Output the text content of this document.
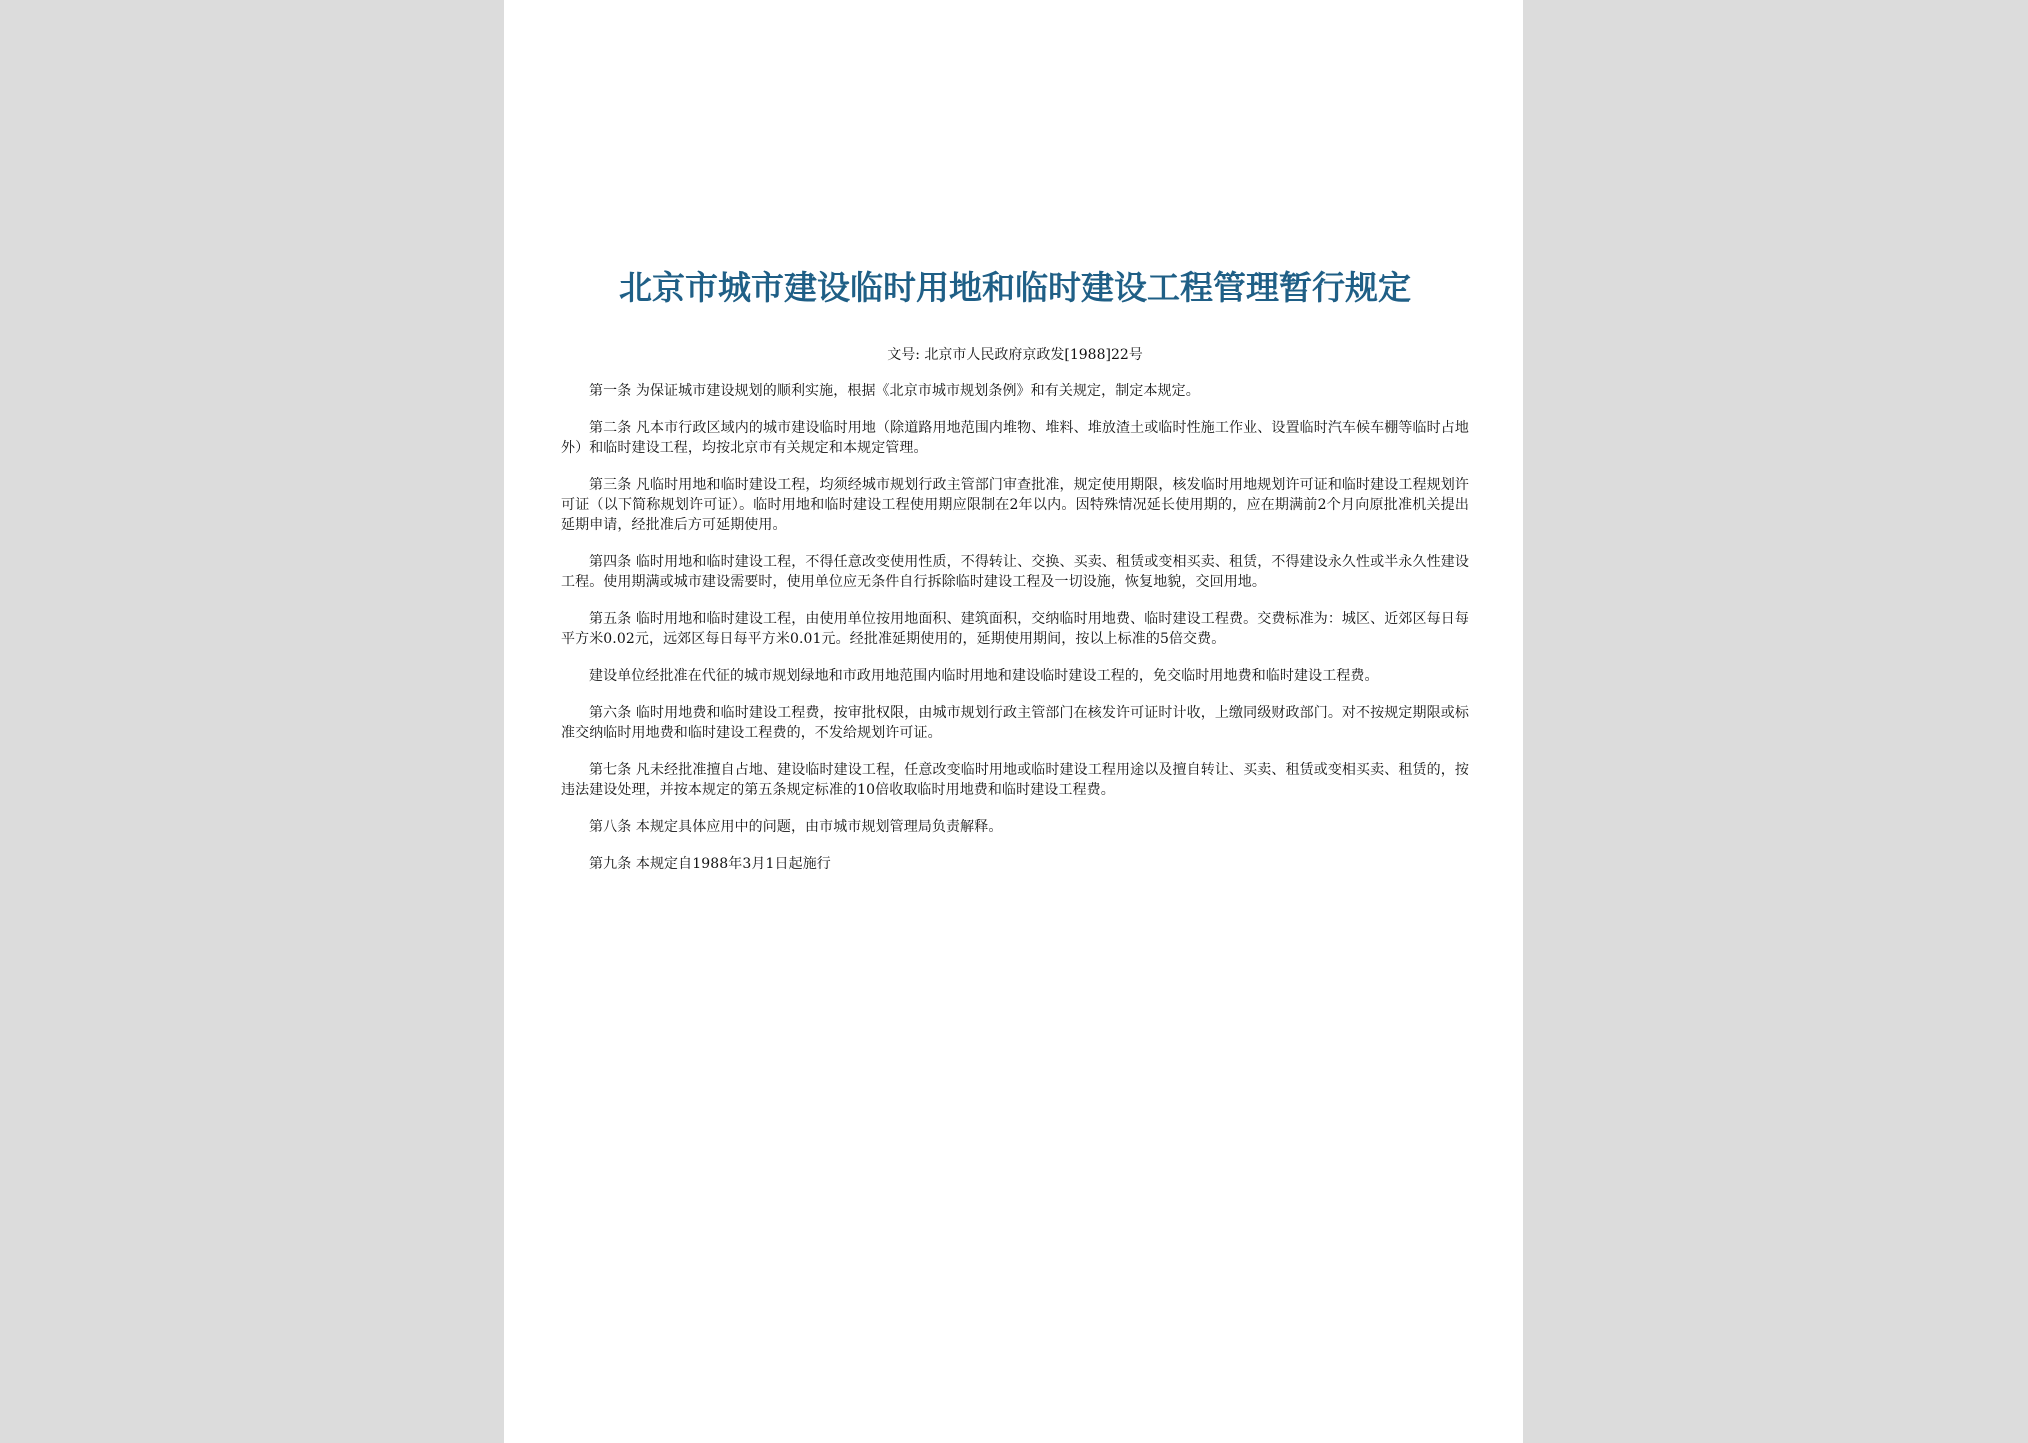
北京市城市建设临时用地和临时建设工程管理暂行规定
文号: 北京市人民政府京政发[1988]22号

第一条 为保证城市建设规划的顺利实施，根据《北京市城市规划条例》和有关规定，制定本规定。

第二条 凡本市行政区域内的城市建设临时用地（除道路用地范围内堆物、堆料、堆放渣土或临时性施工作业、设置临时汽车候车棚等临时占地外）和临时建设工程，均按北京市有关规定和本规定管理。

第三条 凡临时用地和临时建设工程，均须经城市规划行政主管部门审查批准，规定使用期限，核发临时用地规划许可证和临时建设工程规划许可证（以下简称规划许可证）。临时用地和临时建设工程使用期应限制在2年以内。因特殊情况延长使用期的，应在期满前2个月向原批准机关提出延期申请，经批准后方可延期使用。

第四条 临时用地和临时建设工程，不得任意改变使用性质，不得转让、交换、买卖、租赁或变相买卖、租赁，不得建设永久性或半永久性建设工程。使用期满或城市建设需要时，使用单位应无条件自行拆除临时建设工程及一切设施，恢复地貌，交回用地。

第五条 临时用地和临时建设工程，由使用单位按用地面积、建筑面积，交纳临时用地费、临时建设工程费。交费标准为：城区、近郊区每日每平方米0.02元，远郊区每日每平方米0.01元。经批准延期使用的，延期使用期间，按以上标准的5倍交费。

建设单位经批准在代征的城市规划绿地和市政用地范围内临时用地和建设临时建设工程的，免交临时用地费和临时建设工程费。

第六条 临时用地费和临时建设工程费，按审批权限，由城市规划行政主管部门在核发许可证时计收，上缴同级财政部门。对不按规定期限或标准交纳临时用地费和临时建设工程费的，不发给规划许可证。

第七条 凡未经批准擅自占地、建设临时建设工程，任意改变临时用地或临时建设工程用途以及擅自转让、买卖、租赁或变相买卖、租赁的，按违法建设处理，并按本规定的第五条规定标准的10倍收取临时用地费和临时建设工程费。

第八条 本规定具体应用中的问题，由市城市规划管理局负责解释。

第九条 本规定自1988年3月1日起施行
